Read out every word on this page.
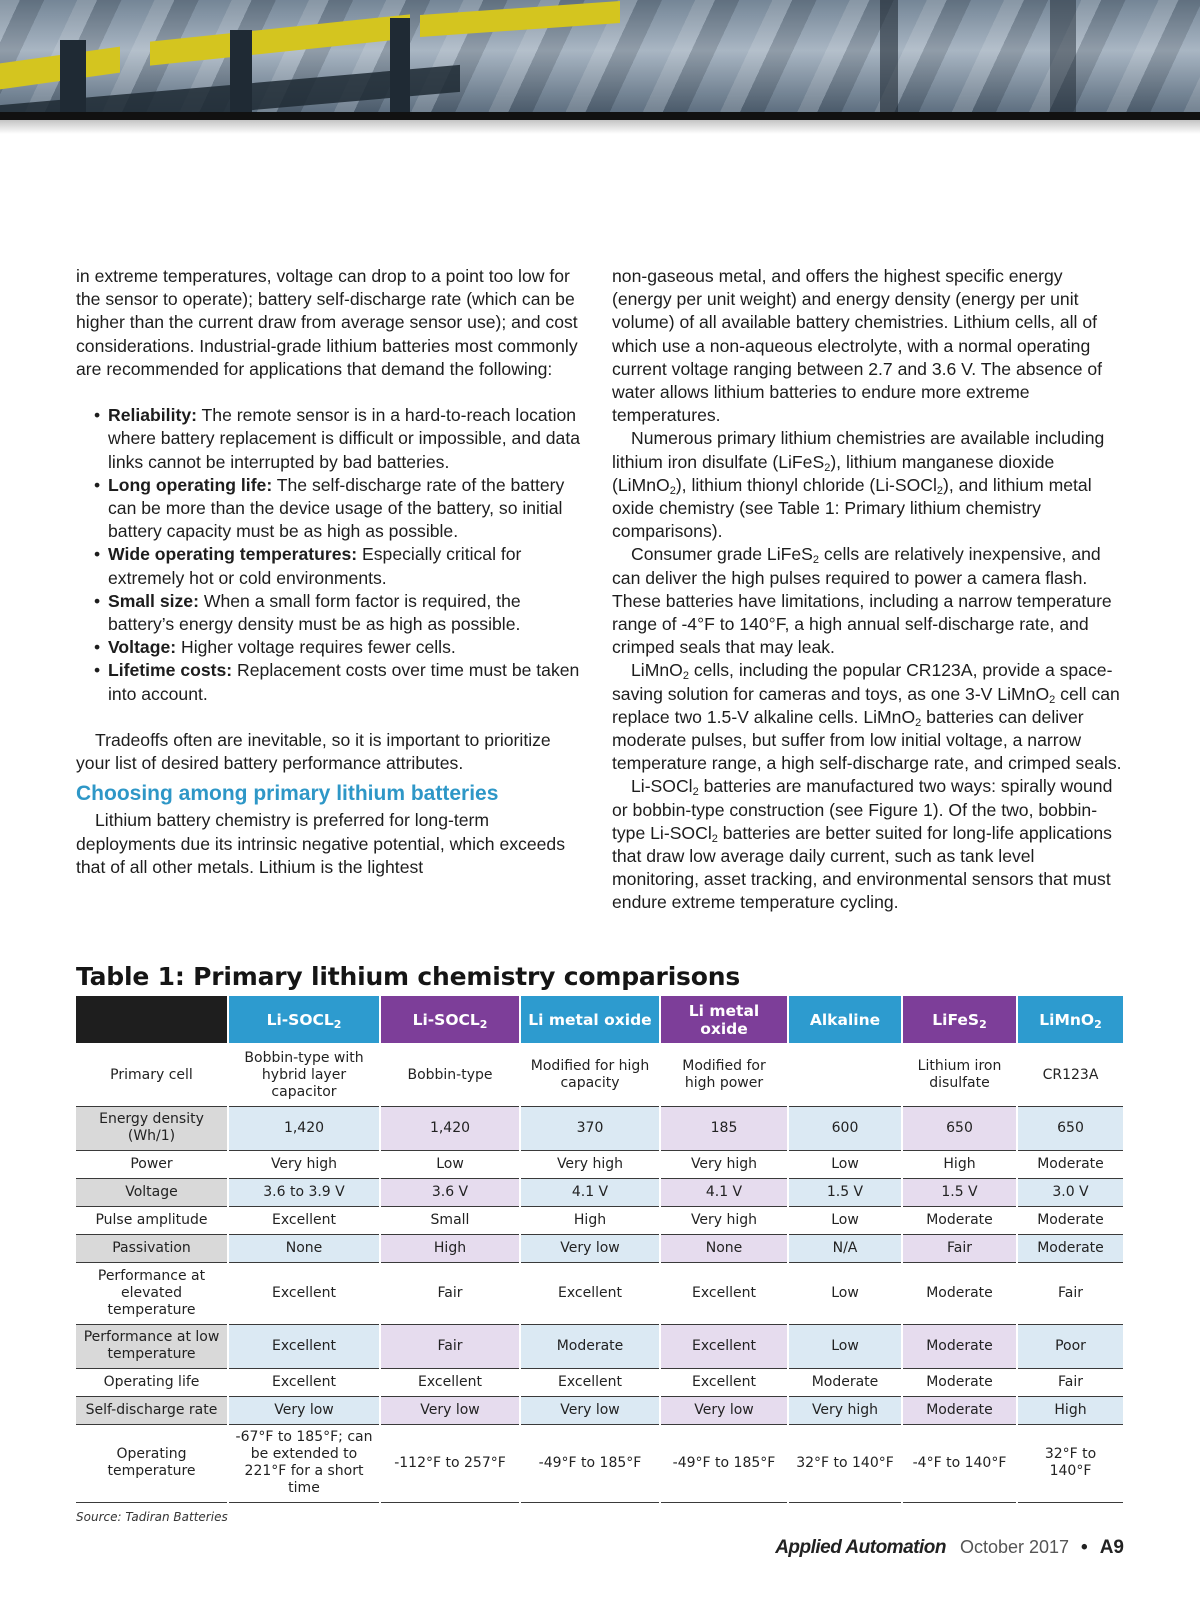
in extreme temperatures, voltage can drop to a point too low for the sensor to operate); battery self-discharge rate (which can be higher than the current draw from average sensor use); and cost considerations. Industrial-grade lithium batteries most commonly are recommended for applications that demand the following:

• Reliability: The remote sensor is in a hard-to-reach location where battery replacement is difficult or impossible, and data links cannot be interrupted by bad batteries.
• Long operating life: The self-discharge rate of the battery can be more than the device usage of the battery, so initial battery capacity must be as high as possible.
• Wide operating temperatures: Especially critical for extremely hot or cold environments.
• Small size: When a small form factor is required, the battery’s energy density must be as high as possible.
• Voltage: Higher voltage requires fewer cells.
• Lifetime costs: Replacement costs over time must be taken into account.

Tradeoffs often are inevitable, so it is important to prioritize your list of desired battery performance attributes.

Choosing among primary lithium batteries

Lithium battery chemistry is preferred for long-term deployments due its intrinsic negative potential, which exceeds that of all other metals. Lithium is the lightest

non-gaseous metal, and offers the highest specific energy (energy per unit weight) and energy density (energy per unit volume) of all available battery chemistries. Lithium cells, all of which use a non-aqueous electrolyte, with a normal operating current voltage ranging between 2.7 and 3.6 V. The absence of water allows lithium batteries to endure more extreme temperatures.

Numerous primary lithium chemistries are available including lithium iron disulfate (LiFeS$_2$), lithium manganese dioxide (LiMnO$_2$), lithium thionyl chloride (Li-SOCl$_2$), and lithium metal oxide chemistry (see Table 1: Primary lithium chemistry comparisons).

Consumer grade LiFeS$_2$ cells are relatively inexpensive, and can deliver the high pulses required to power a camera flash. These batteries have limitations, including a narrow temperature range of -4°F to 140°F, a high annual self-discharge rate, and crimped seals that may leak.

LiMnO$_2$ cells, including the popular CR123A, provide a space-saving solution for cameras and toys, as one 3-V LiMnO$_2$ cell can replace two 1.5-V alkaline cells. LiMnO$_2$ batteries can deliver moderate pulses, but suffer from low initial voltage, a narrow temperature range, a high self-discharge rate, and crimped seals.

Li-SOCl$_2$ batteries are manufactured two ways: spirally wound or bobbin-type construction (see Figure 1). Of the two, bobbin-type Li-SOCl$_2$ batteries are better suited for long-life applications that draw low average daily current, such as tank level monitoring, asset tracking, and environmental sensors that must endure extreme temperature cycling.

Table 1: Primary lithium chemistry comparisons
	$Li-SOCL_2$	$Li-SOCL_2$	Li metal oxide	Li metal oxide	Alkaline	LiFeS$_2$	LiMnO$_2$
Primary cell	Bobbin-type with hybrid layer capacitor	Bobbin-type	Modified for high capacity	Modified for high power		Lithium iron disulfate	CR123A
Energy density (Wh/1)	1,420	1,420	370	185	600	650	650
Power	Very high	Low	Very high	Very high	Low	High	Moderate
Voltage	3.6 to 3.9 V	3.6 V	4.1 V	4.1 V	1.5 V	1.5 V	3.0 V
Pulse amplitude	Excellent	Small	High	Very high	Low	Moderate	Moderate
Passivation	None	High	Very low	None	N/A	Fair	Moderate
Performance at elevated temperature	Excellent	Fair	Excellent	Excellent	Low	Moderate	Fair
Performance at low temperature	Excellent	Fair	Moderate	Excellent	Low	Moderate	Poor
Operating life	Excellent	Excellent	Excellent	Excellent	Moderate	Moderate	Fair
Self-discharge rate	Very low	Very low	Very low	Very low	Very high	Moderate	High
Operating temperature	-67°F to 185°F; can be extended to 221°F for a short time	-112°F to 257°F	-49°F to 185°F	-49°F to 185°F	32°F to 140°F	-4°F to 140°F	32°F to 140°F
Source: Tadiran Batteries
Applied Automation October 2017 • A9
